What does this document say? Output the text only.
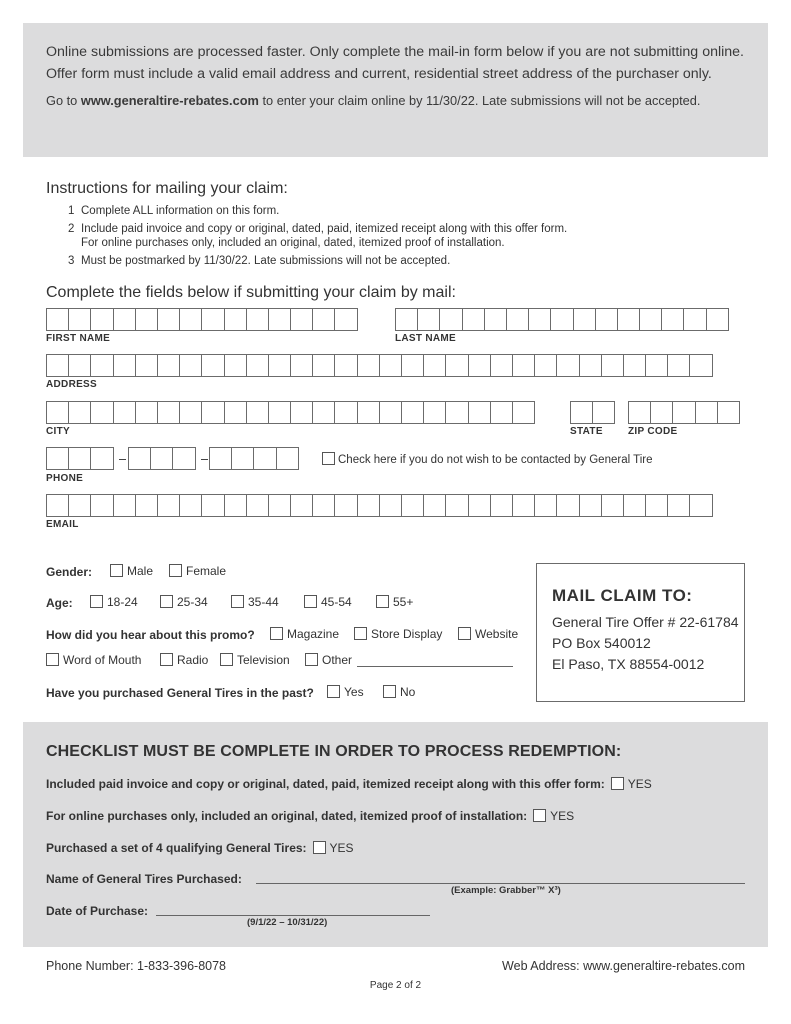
Online submissions are processed faster. Only complete the mail-in form below if you are not submitting online. Offer form must include a valid email address and current, residential street address of the purchaser only.

Go to www.generaltire-rebates.com to enter your claim online by 11/30/22. Late submissions will not be accepted.

Instructions for mailing your claim:
1 Complete ALL information on this form.
2 Include paid invoice and copy or original, dated, paid, itemized receipt along with this offer form.
For online purchases only, included an original, dated, itemized proof of installation.
3 Must be postmarked by 11/30/22. Late submissions will not be accepted.
Complete the fields below if submitting your claim by mail:
FIRST NAME	LAST NAME
ADDRESS
CITY	STATE	ZIP CODE
PHONE
Check here if you do not wish to be contacted by General Tire
EMAIL
Gender:	Male	Female
Age:	18-24	25-34	35-44	45-54	55+
How did you hear about this promo?	Magazine	Store Display	Website
Word of Mouth	Radio	Television	Other
Have you purchased General Tires in the past?	Yes	No
MAIL CLAIM TO:
General Tire Offer # 22-61784
PO Box 540012
El Paso, TX 88554-0012
CHECKLIST MUST BE COMPLETE IN ORDER TO PROCESS REDEMPTION:
Included paid invoice and copy or original, dated, paid, itemized receipt along with this offer form: YES
For online purchases only, included an original, dated, itemized proof of installation: YES
Purchased a set of 4 qualifying General Tires: YES
Name of General Tires Purchased:
(Example: Grabber™ X³)
Date of Purchase:
(9/1/22 – 10/31/22)
Phone Number: 1-833-396-8078	Web Address: www.generaltire-rebates.com
Page 2 of 2
